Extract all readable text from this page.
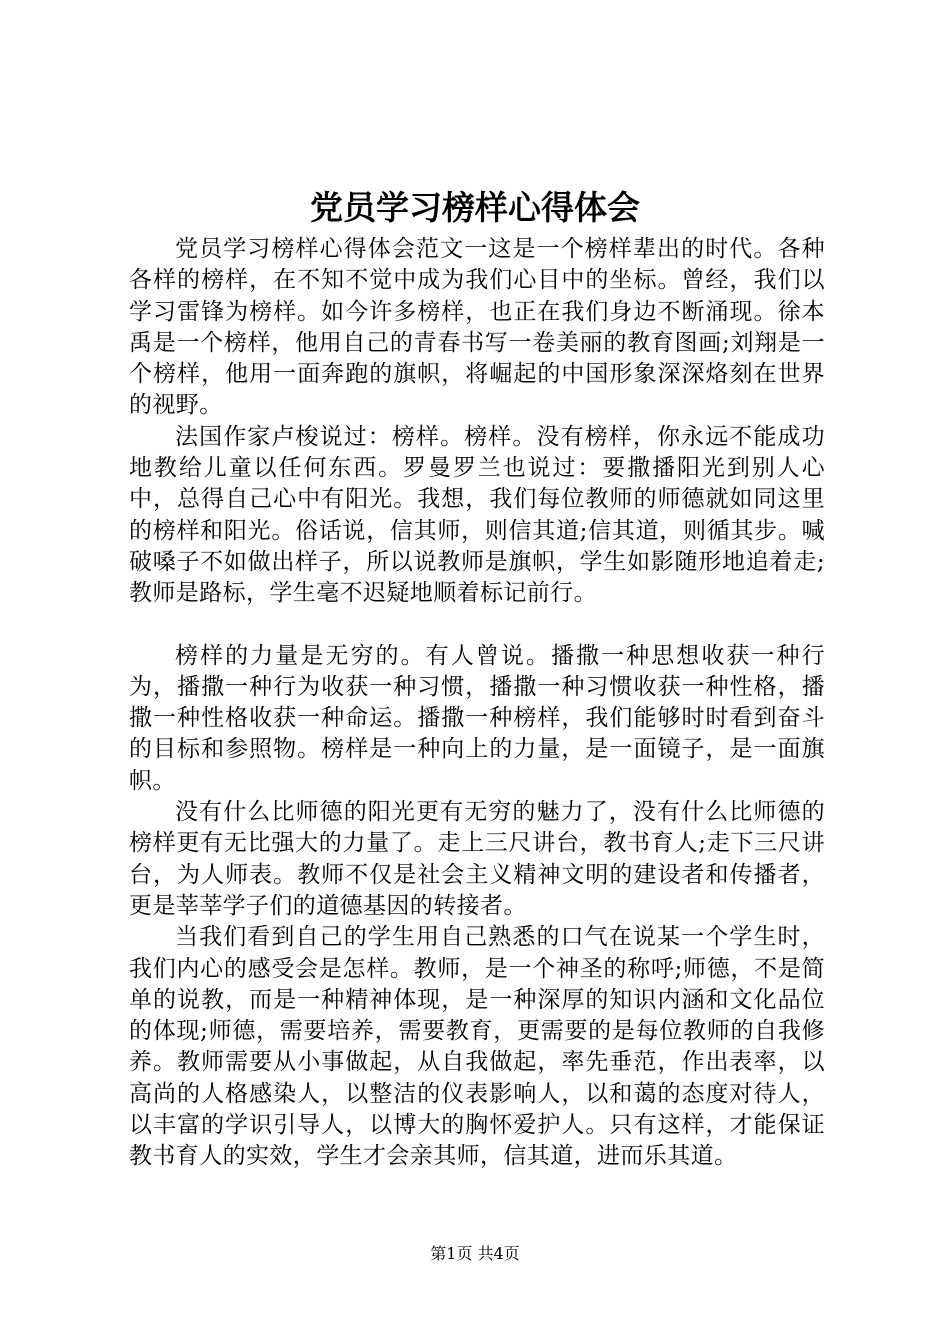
党员学习榜样心得体会

党员学习榜样心得体会范文一这是一个榜样辈出的时代。各种各样的榜样，在不知不觉中成为我们心目中的坐标。曾经，我们以学习雷锋为榜样。如今许多榜样，也正在我们身边不断涌现。徐本禹是一个榜样，他用自己的青春书写一卷美丽的教育图画;刘翔是一个榜样，他用一面奔跑的旗帜，将崛起的中国形象深深烙刻在世界的视野。

法国作家卢梭说过：榜样。榜样。没有榜样，你永远不能成功地教给儿童以任何东西。罗曼罗兰也说过：要撒播阳光到别人心中，总得自己心中有阳光。我想，我们每位教师的师德就如同这里的榜样和阳光。俗话说，信其师，则信其道;信其道，则循其步。喊破嗓子不如做出样子，所以说教师是旗帜，学生如影随形地追着走;教师是路标，学生毫不迟疑地顺着标记前行。

榜样的力量是无穷的。有人曾说。播撒一种思想收获一种行为，播撒一种行为收获一种习惯，播撒一种习惯收获一种性格，播撒一种性格收获一种命运。播撒一种榜样，我们能够时时看到奋斗的目标和参照物。榜样是一种向上的力量，是一面镜子，是一面旗帜。

没有什么比师德的阳光更有无穷的魅力了，没有什么比师德的榜样更有无比强大的力量了。走上三尺讲台，教书育人;走下三尺讲台，为人师表。教师不仅是社会主义精神文明的建设者和传播者，更是莘莘学子们的道德基因的转接者。

当我们看到自己的学生用自己熟悉的口气在说某一个学生时，我们内心的感受会是怎样。教师，是一个神圣的称呼;师德，不是简单的说教，而是一种精神体现，是一种深厚的知识内涵和文化品位的体现;师德，需要培养，需要教育，更需要的是每位教师的自我修养。教师需要从小事做起，从自我做起，率先垂范，作出表率，以高尚的人格感染人，以整洁的仪表影响人，以和蔼的态度对待人，以丰富的学识引导人，以博大的胸怀爱护人。只有这样，才能保证教书育人的实效，学生才会亲其师，信其道，进而乐其道。

第1页 共4页
